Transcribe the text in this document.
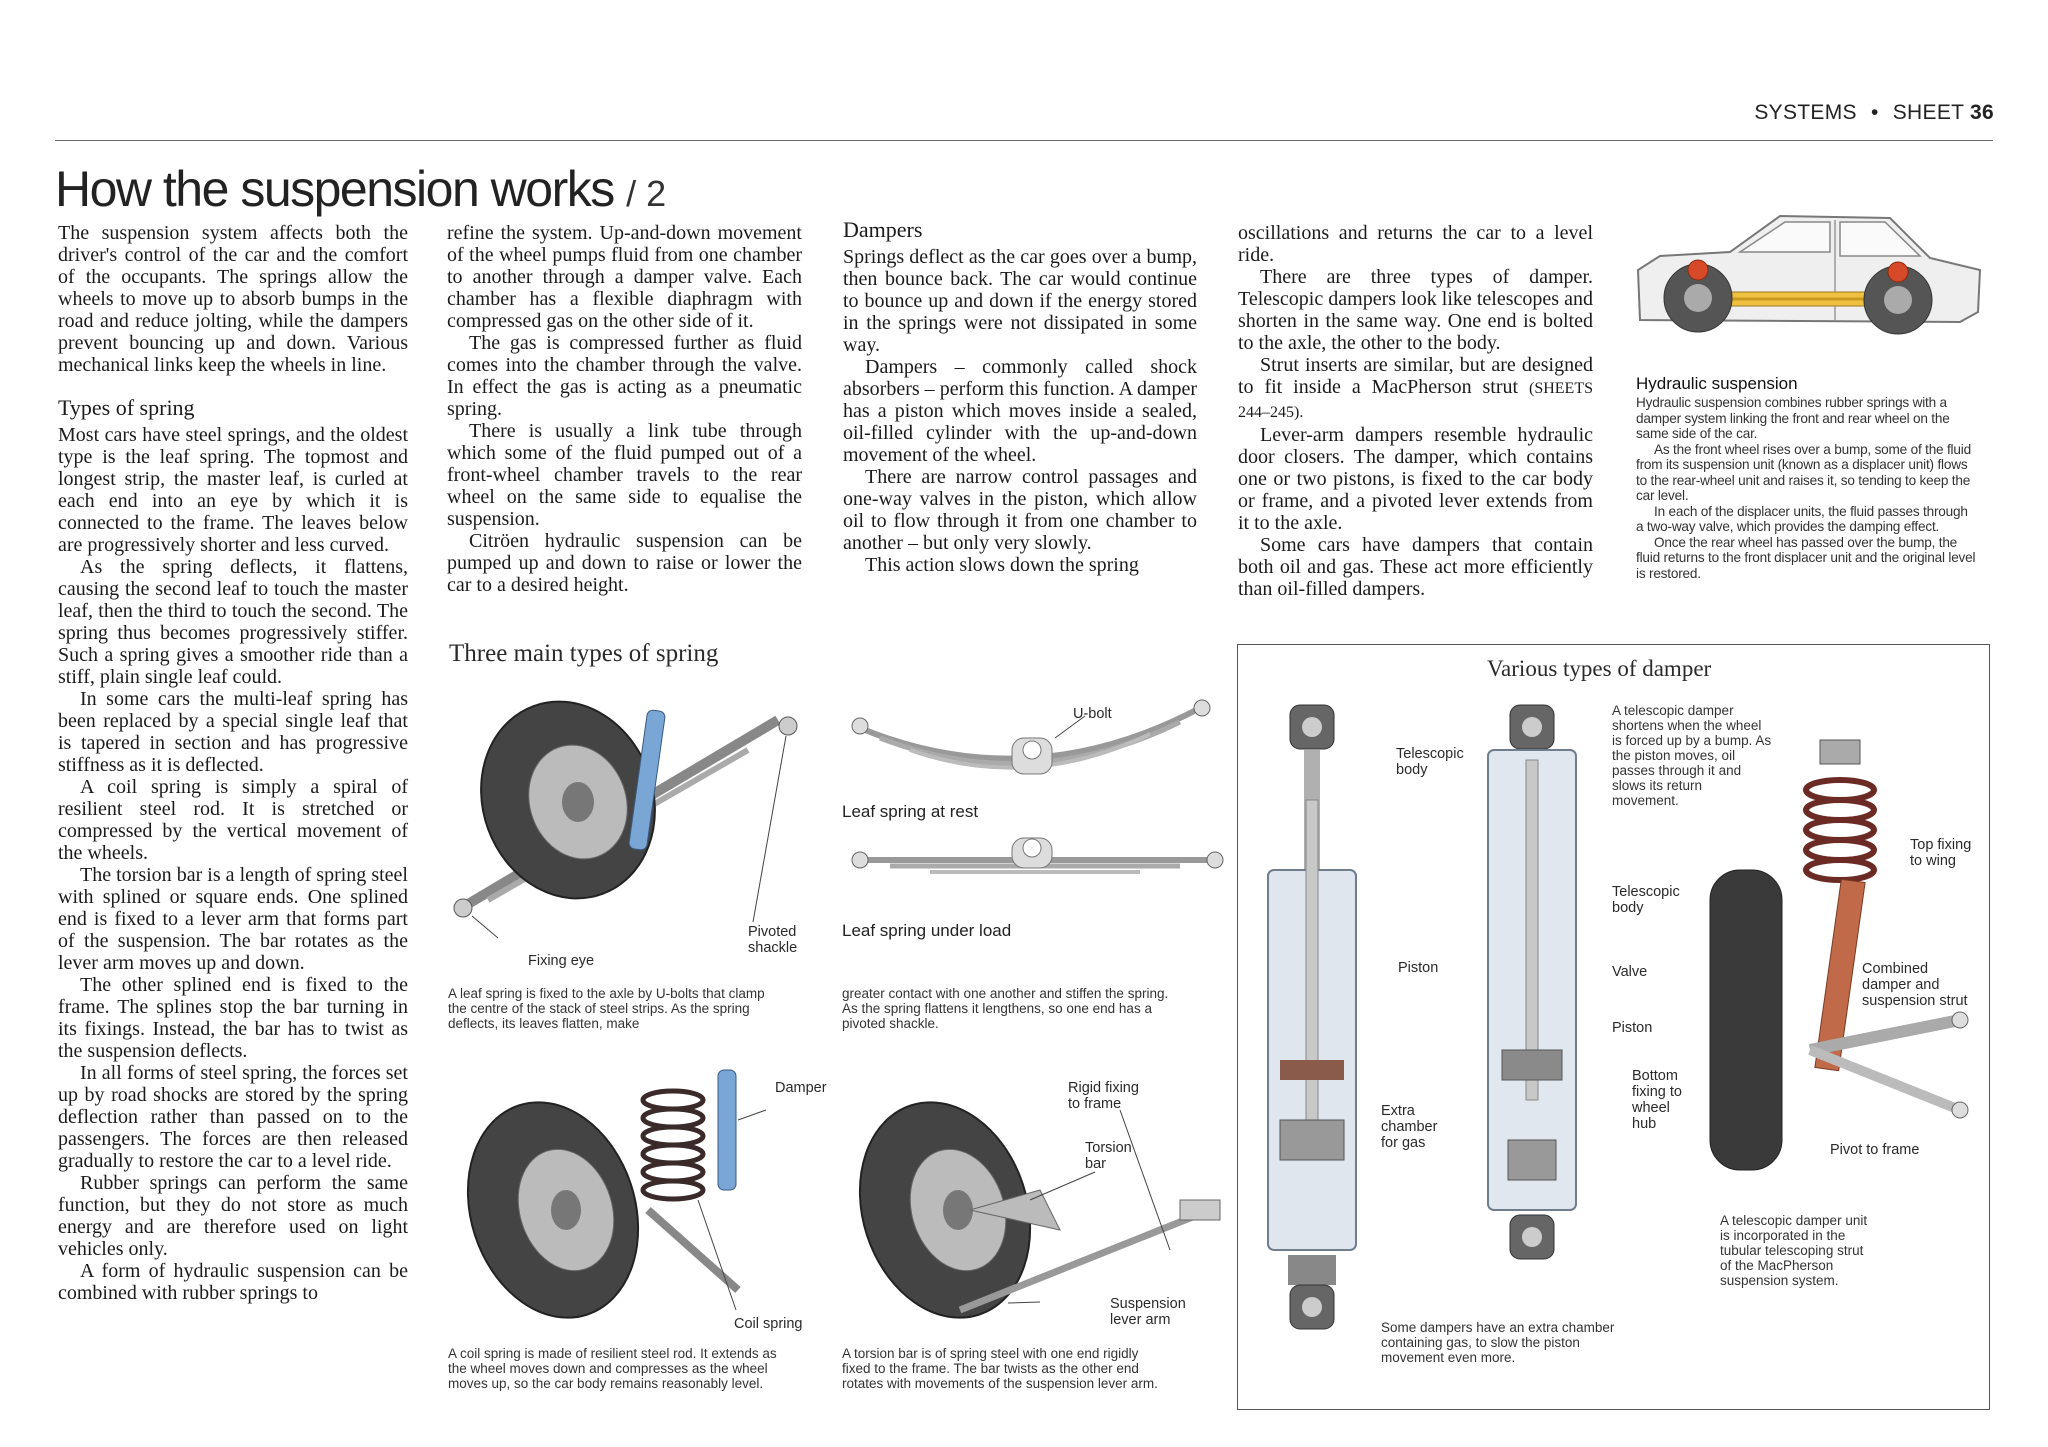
SYSTEMS • SHEET 36
How the suspension works / 2

The suspension system affects both the driver's control of the car and the comfort of the occupants. The springs allow the wheels to move up to absorb bumps in the road and reduce jolting, while the dampers prevent bouncing up and down. Various mechanical links keep the wheels in line.

Types of spring

Most cars have steel springs, and the oldest type is the leaf spring. The topmost and longest strip, the master leaf, is curled at each end into an eye by which it is connected to the frame. The leaves below are progressively shorter and less curved.

As the spring deflects, it flattens, causing the second leaf to touch the master leaf, then the third to touch the second. The spring thus becomes progressively stiffer. Such a spring gives a smoother ride than a stiff, plain single leaf could.

In some cars the multi-leaf spring has been replaced by a special single leaf that is tapered in section and has progressive stiffness as it is deflected.

A coil spring is simply a spiral of resilient steel rod. It is stretched or compressed by the vertical movement of the wheels.

The torsion bar is a length of spring steel with splined or square ends. One splined end is fixed to a lever arm that forms part of the suspension. The bar rotates as the lever arm moves up and down.

The other splined end is fixed to the frame. The splines stop the bar turning in its fixings. Instead, the bar has to twist as the suspension deflects.

In all forms of steel spring, the forces set up by road shocks are stored by the spring deflection rather than passed on to the passengers. The forces are then released gradually to restore the car to a level ride.

Rubber springs can perform the same function, but they do not store as much energy and are therefore used on light vehicles only.

A form of hydraulic suspension can be combined with rubber springs to

refine the system. Up-and-down movement of the wheel pumps fluid from one chamber to another through a damper valve. Each chamber has a flexible diaphragm with compressed gas on the other side of it.

The gas is compressed further as fluid comes into the chamber through the valve. In effect the gas is acting as a pneumatic spring.

There is usually a link tube through which some of the fluid pumped out of a front-wheel chamber travels to the rear wheel on the same side to equalise the suspension.

Citröen hydraulic suspension can be pumped up and down to raise or lower the car to a desired height.

Dampers

Springs deflect as the car goes over a bump, then bounce back. The car would continue to bounce up and down if the energy stored in the springs were not dissipated in some way.

Dampers – commonly called shock absorbers – perform this function. A damper has a piston which moves inside a sealed, oil-filled cylinder with the up-and-down movement of the wheel.

There are narrow control passages and one-way valves in the piston, which allow oil to flow through it from one chamber to another – but only very slowly.

This action slows down the spring

oscillations and returns the car to a level ride.

There are three types of damper. Telescopic dampers look like telescopes and shorten in the same way. One end is bolted to the axle, the other to the body.

Strut inserts are similar, but are designed to fit inside a MacPherson strut (SHEETS 244–245).

Lever-arm dampers resemble hydraulic door closers. The damper, which contains one or two pistons, is fixed to the car body or frame, and a pivoted lever extends from it to the axle.

Some cars have dampers that contain both oil and gas. These act more efficiently than oil-filled dampers.

Hydraulic suspension

Hydraulic suspension combines rubber springs with a damper system linking the front and rear wheel on the same side of the car.

As the front wheel rises over a bump, some of the fluid from its suspension unit (known as a displacer unit) flows to the rear-wheel unit and raises it, so tending to keep the car level.

In each of the displacer units, the fluid passes through a two-way valve, which provides the damping effect.

Once the rear wheel has passed over the bump, the fluid returns to the front displacer unit and the original level is restored.

Three main types of spring
Fixing eye
Pivoted shackle
A leaf spring is fixed to the axle by U-bolts that clamp the centre of the stack of steel strips. As the spring deflects, its leaves flatten, make
U-bolt
Leaf spring at rest
Leaf spring under load
greater contact with one another and stiffen the spring. As the spring flattens it lengthens, so one end has a pivoted shackle.
Damper
Coil spring
A coil spring is made of resilient steel rod. It extends as the wheel moves down and compresses as the wheel moves up, so the car body remains reasonably level.
Rigid fixing to frame
Torsion bar
Suspension lever arm
A torsion bar is of spring steel with one end rigidly fixed to the frame. The bar twists as the other end rotates with movements of the suspension lever arm.
Various types of damper
Telescopic body
Piston
Extra chamber for gas
Telescopic body
Valve
Piston
Bottom fixing to wheel hub
Top fixing to wing
Combined damper and suspension strut
Pivot to frame
A telescopic damper shortens when the wheel is forced up by a bump. As the piston moves, oil passes through it and slows its return movement.
Some dampers have an extra chamber containing gas, to slow the piston movement even more.
A telescopic damper unit is incorporated in the tubular telescoping strut of the MacPherson suspension system.
